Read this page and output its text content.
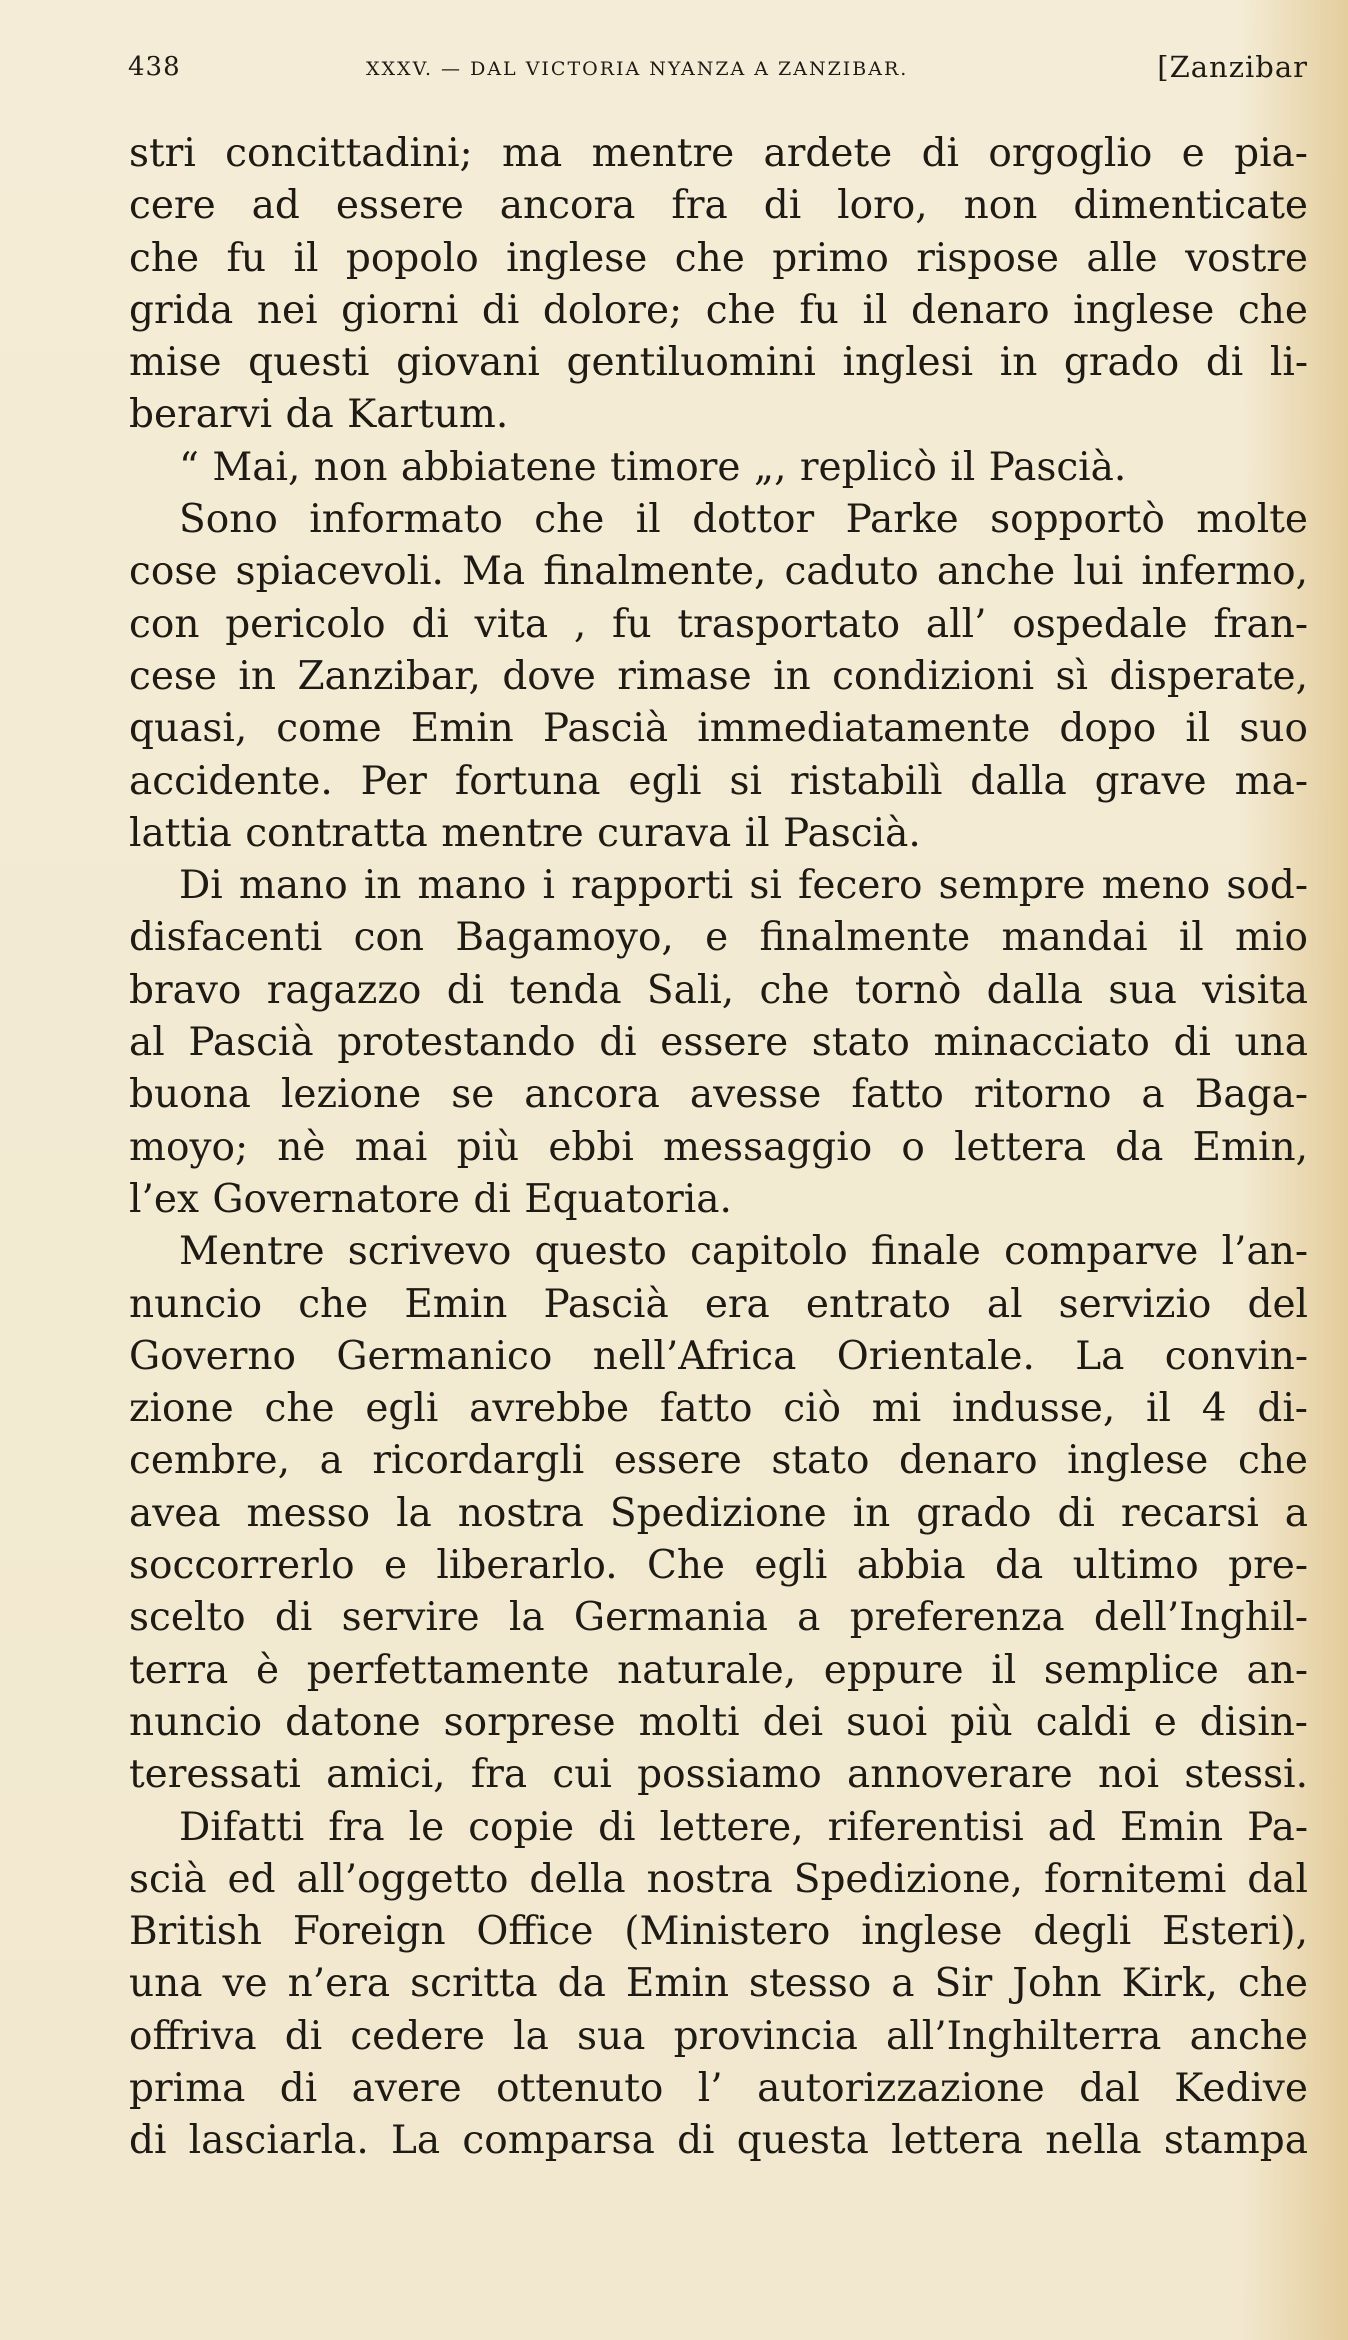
438	XXXV. — DAL VICTORIA NYANZA A ZANZIBAR.	[Zanzibar
stri concittadini; ma mentre ardete di orgoglio e pia-
cere ad essere ancora fra di loro, non dimenticate
che fu il popolo inglese che primo rispose alle vostre
grida nei giorni di dolore; che fu il denaro inglese che
mise questi giovani gentiluomini inglesi in grado di li-
berarvi da Kartum.
“ Mai, non abbiatene timore „, replicò il Pascià.
Sono informato che il dottor Parke sopportò molte
cose spiacevoli. Ma finalmente, caduto anche lui infermo,
con pericolo di vita , fu trasportato all’ ospedale fran-
cese in Zanzibar, dove rimase in condizioni sì disperate,
quasi, come Emin Pascià immediatamente dopo il suo
accidente. Per fortuna egli si ristabilì dalla grave ma-
lattia contratta mentre curava il Pascià.
Di mano in mano i rapporti si fecero sempre meno sod-
disfacenti con Bagamoyo, e finalmente mandai il mio
bravo ragazzo di tenda Sali, che tornò dalla sua visita
al Pascià protestando di essere stato minacciato di una
buona lezione se ancora avesse fatto ritorno a Baga-
moyo; nè mai più ebbi messaggio o lettera da Emin,
l’ex Governatore di Equatoria.
Mentre scrivevo questo capitolo finale comparve l’an-
nuncio che Emin Pascià era entrato al servizio del
Governo Germanico nell’Africa Orientale. La convin-
zione che egli avrebbe fatto ciò mi indusse, il 4 di-
cembre, a ricordargli essere stato denaro inglese che
avea messo la nostra Spedizione in grado di recarsi a
soccorrerlo e liberarlo. Che egli abbia da ultimo pre-
scelto di servire la Germania a preferenza dell’Inghil-
terra è perfettamente naturale, eppure il semplice an-
nuncio datone sorprese molti dei suoi più caldi e disin-
teressati amici, fra cui possiamo annoverare noi stessi.
Difatti fra le copie di lettere, riferentisi ad Emin Pa-
scià ed all’oggetto della nostra Spedizione, fornitemi dal
British Foreign Office (Ministero inglese degli Esteri),
una ve n’era scritta da Emin stesso a Sir John Kirk, che
offriva di cedere la sua provincia all’Inghilterra anche
prima di avere ottenuto l’ autorizzazione dal Kedive
di lasciarla. La comparsa di questa lettera nella stampa
